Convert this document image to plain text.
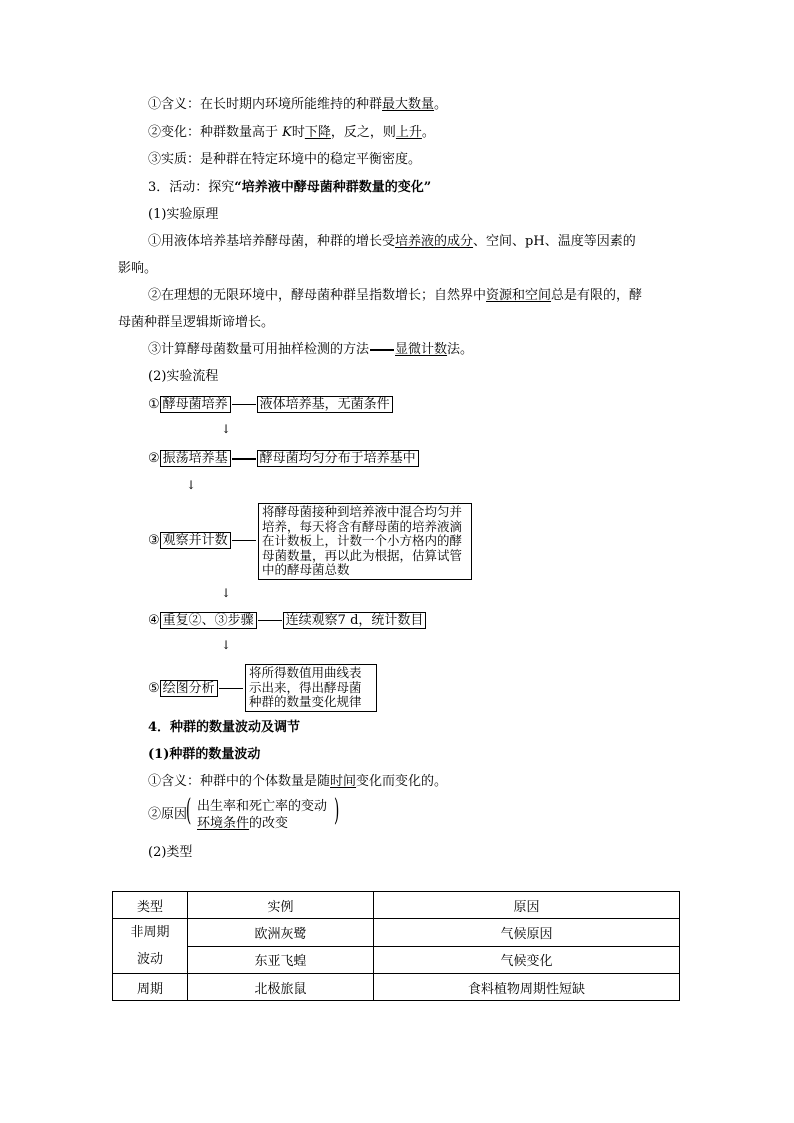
①含义：在长时期内环境所能维持的种群最大数量。
②变化：种群数量高于 K时下降，反之，则上升。
③实质：是种群在特定环境中的稳定平衡密度。
3．活动：探究“培养液中酵母菌种群数量的变化”
(1)实验原理
①用液体培养基培养酵母菌，种群的增长受培养液的成分、空间、pH、温度等因素的
影响。
②在理想的无限环境中，酵母菌种群呈指数增长；自然界中资源和空间总是有限的，酵
母菌种群呈逻辑斯谛增长。
③计算酵母菌数量可用抽样检测的方法 显微计数法。
(2)实验流程
① 酵母菌培养 液体培养基，无菌条件
↓
② 振荡培养基 酵母菌均匀分布于培养基中
↓
③ 观察并计数
将酵母菌接种到培养液中混合均匀并培养，每天将含有酵母菌的培养液滴在计数板上，计数一个小方格内的酵母菌数量，再以此为根据，估算试管中的酵母菌总数
↓
④ 重复②、③步骤 连续观察7 d，统计数目
↓
⑤ 绘图分析
将所得数值用曲线表示出来，得出酵母菌种群的数量变化规律
4．种群的数量波动及调节
(1)种群的数量波动
①含义：种群中的个体数量是随时间变化而变化的。
②原因
( 出生率和死亡率的变动
环境条件的改变 )
(2)类型
类型	实例	原因
非周期
波动	欧洲灰鹭	气候原因
	东亚飞蝗	气候变化
周期	北极旅鼠	食料植物周期性短缺
